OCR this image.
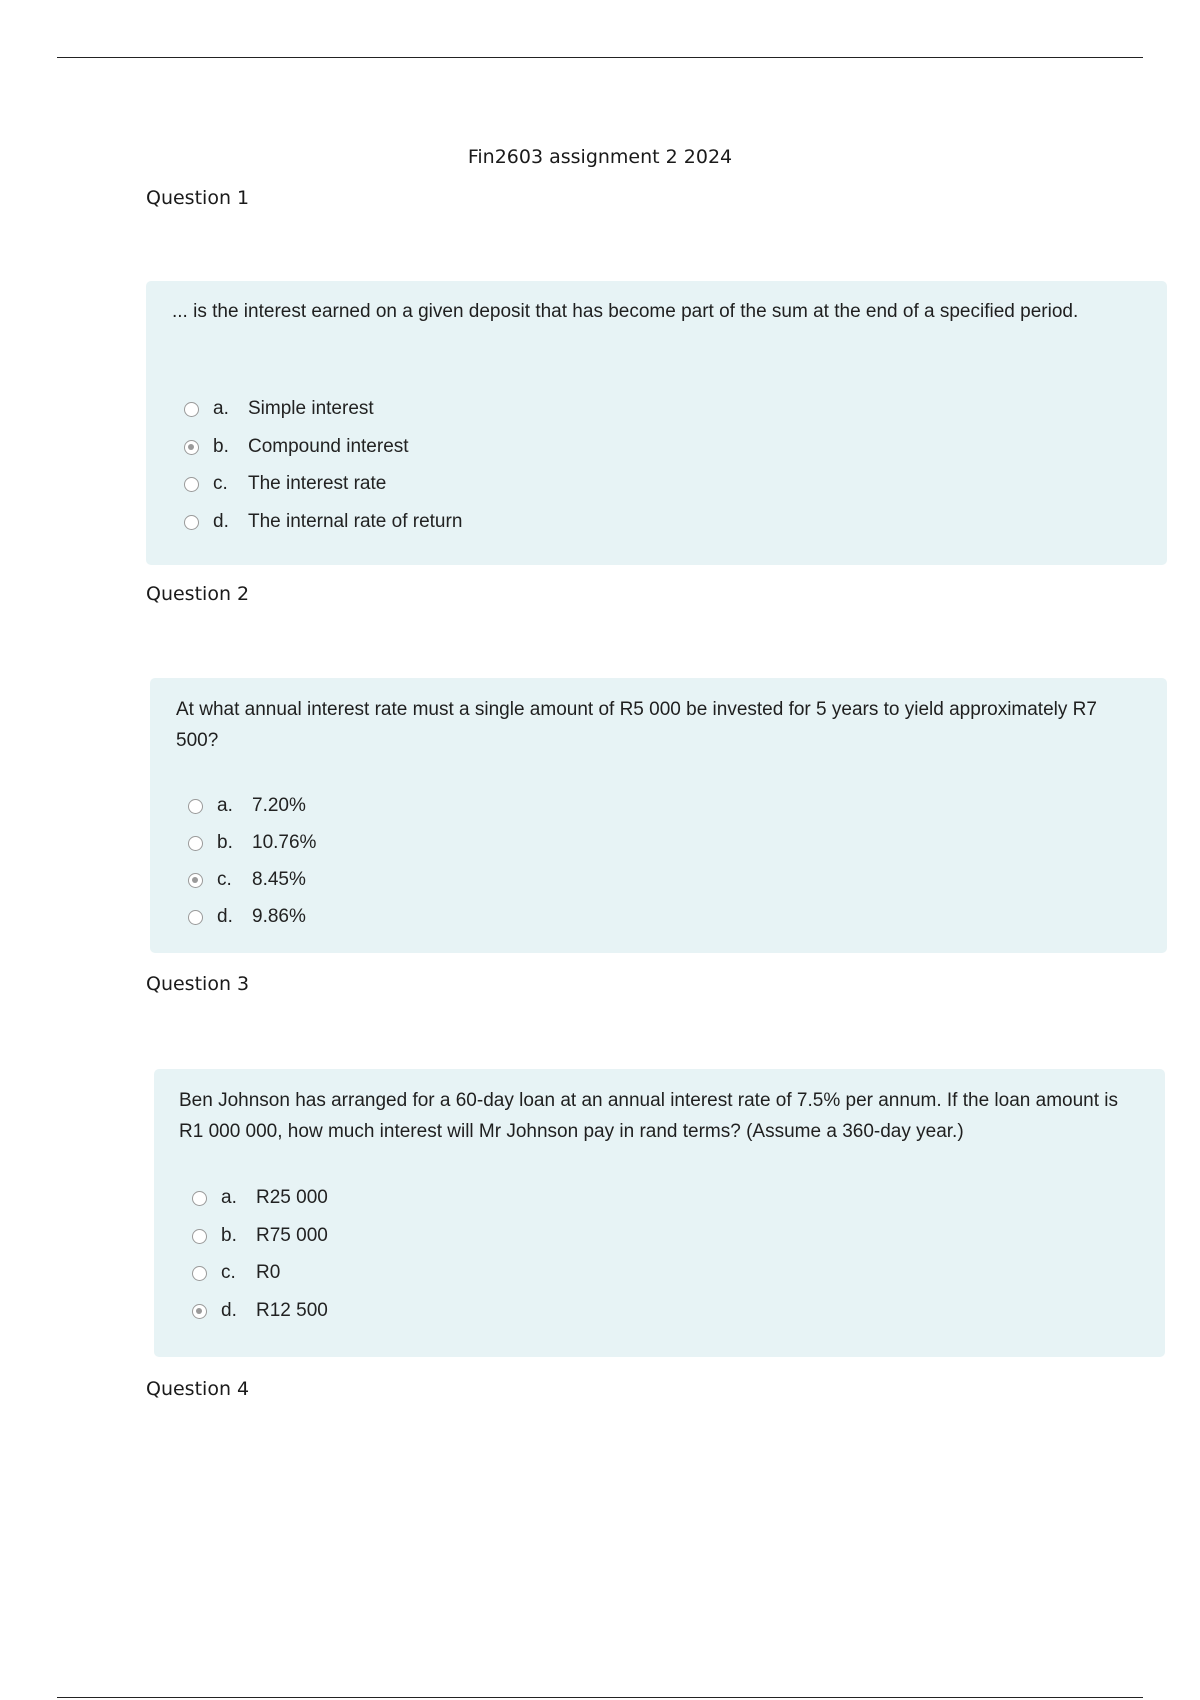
Fin2603 assignment 2 2024
Question 1

... is the interest earned on a given deposit that has become part of the sum at the end of a specified period.

a.	Simple interest
b.	Compound interest
c.	The interest rate
d.	The internal rate of return
Question 2

At what annual interest rate must a single amount of R5 000 be invested for 5 years to yield approximately R7 500?

a.	7.20%
b.	10.76%
c.	8.45%
d.	9.86%
Question 3

Ben Johnson has arranged for a 60-day loan at an annual interest rate of 7.5% per annum. If the loan amount is R1 000 000, how much interest will Mr Johnson pay in rand terms? (Assume a 360-day year.)

a.	R25 000
b.	R75 000
c.	R0
d.	R12 500
Question 4
